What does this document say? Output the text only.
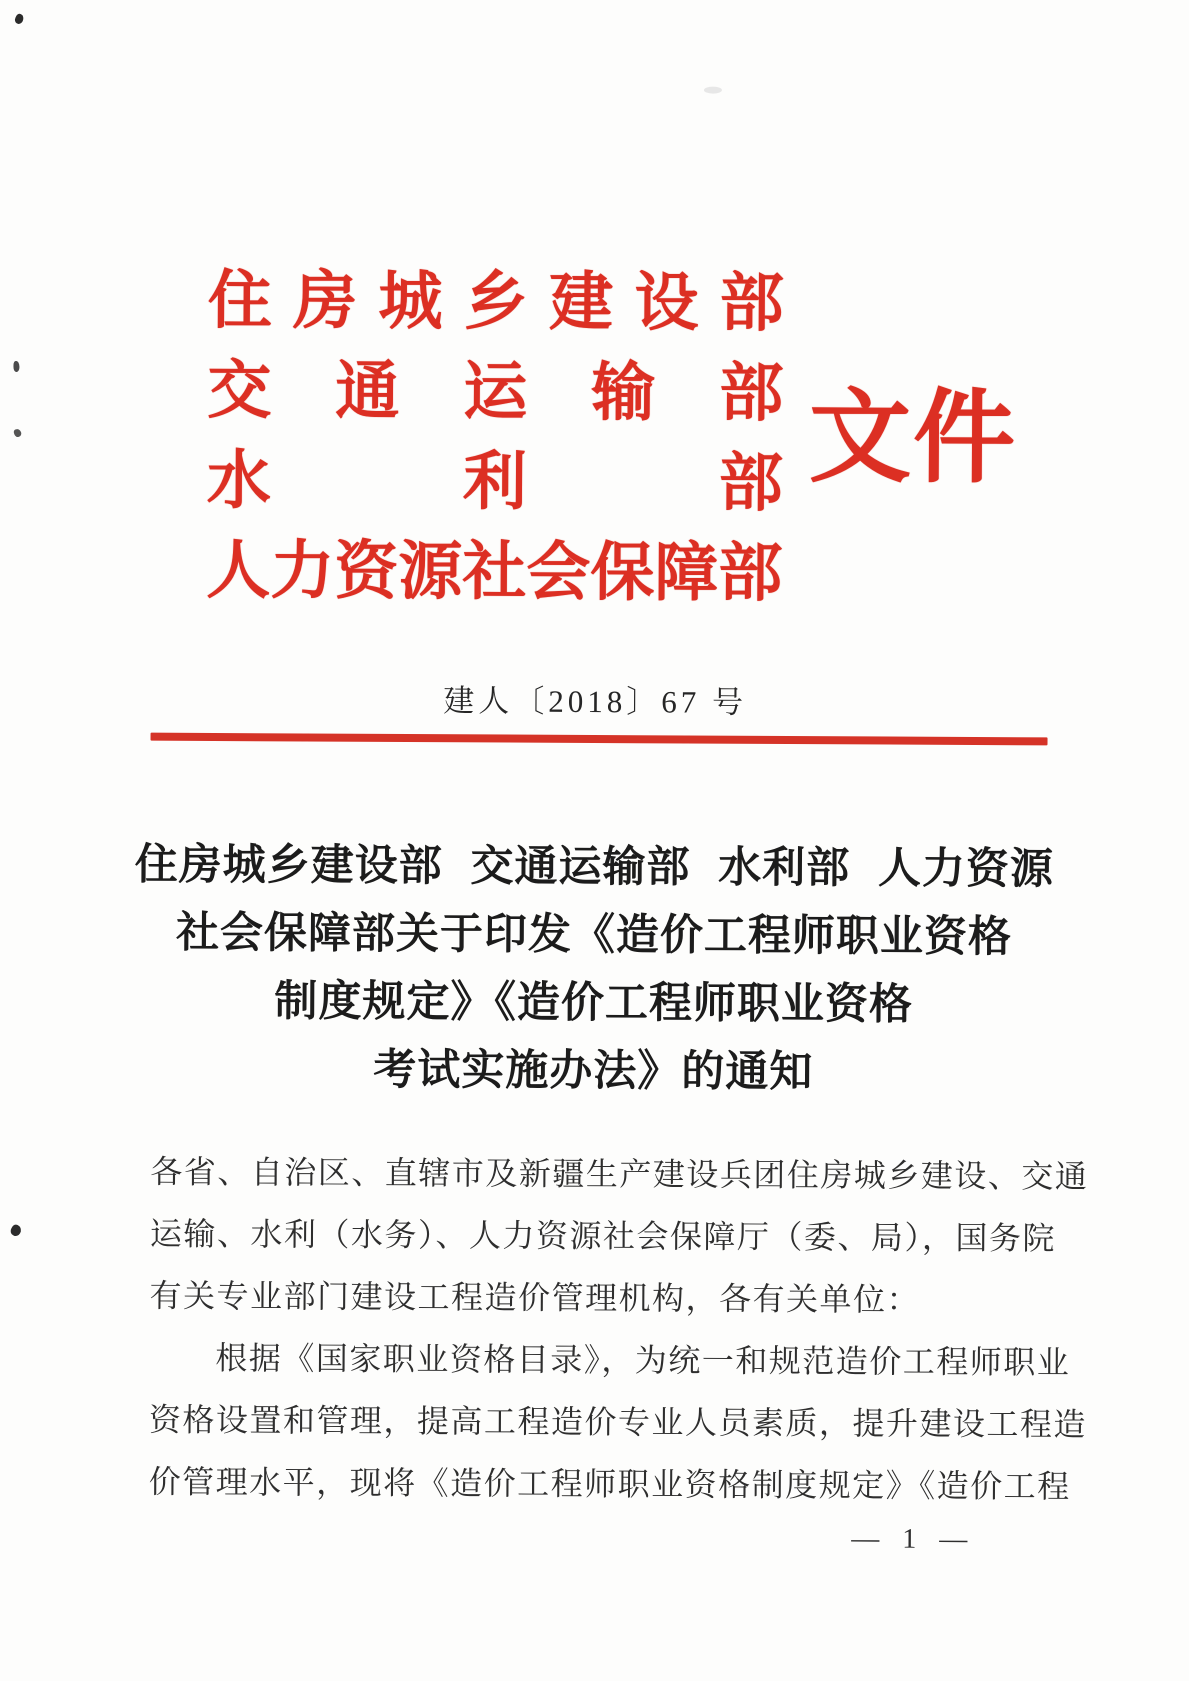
住 房 城 乡 建 设 部
交 通 运 输 部
水	利	部
人 力 资 源 社 会 保 障 部
文件
建人〔2018〕67 号
住房城乡建设部 交通运输部 水利部 人力资源
社会保障部关于印发《造价工程师职业资格
制度规定》《造价工程师职业资格
考试实施办法》的通知
各省、自治区、直辖市及新疆生产建设兵团住房城乡建设、交通
运输、水利（水务）、人力资源社会保障厅（委、局），国务院
有关专业部门建设工程造价管理机构，各有关单位：
根据《国家职业资格目录》，为统一和规范造价工程师职业
资格设置和管理，提高工程造价专业人员素质，提升建设工程造
价管理水平，现将《造价工程师职业资格制度规定》《造价工程
— 1 —
